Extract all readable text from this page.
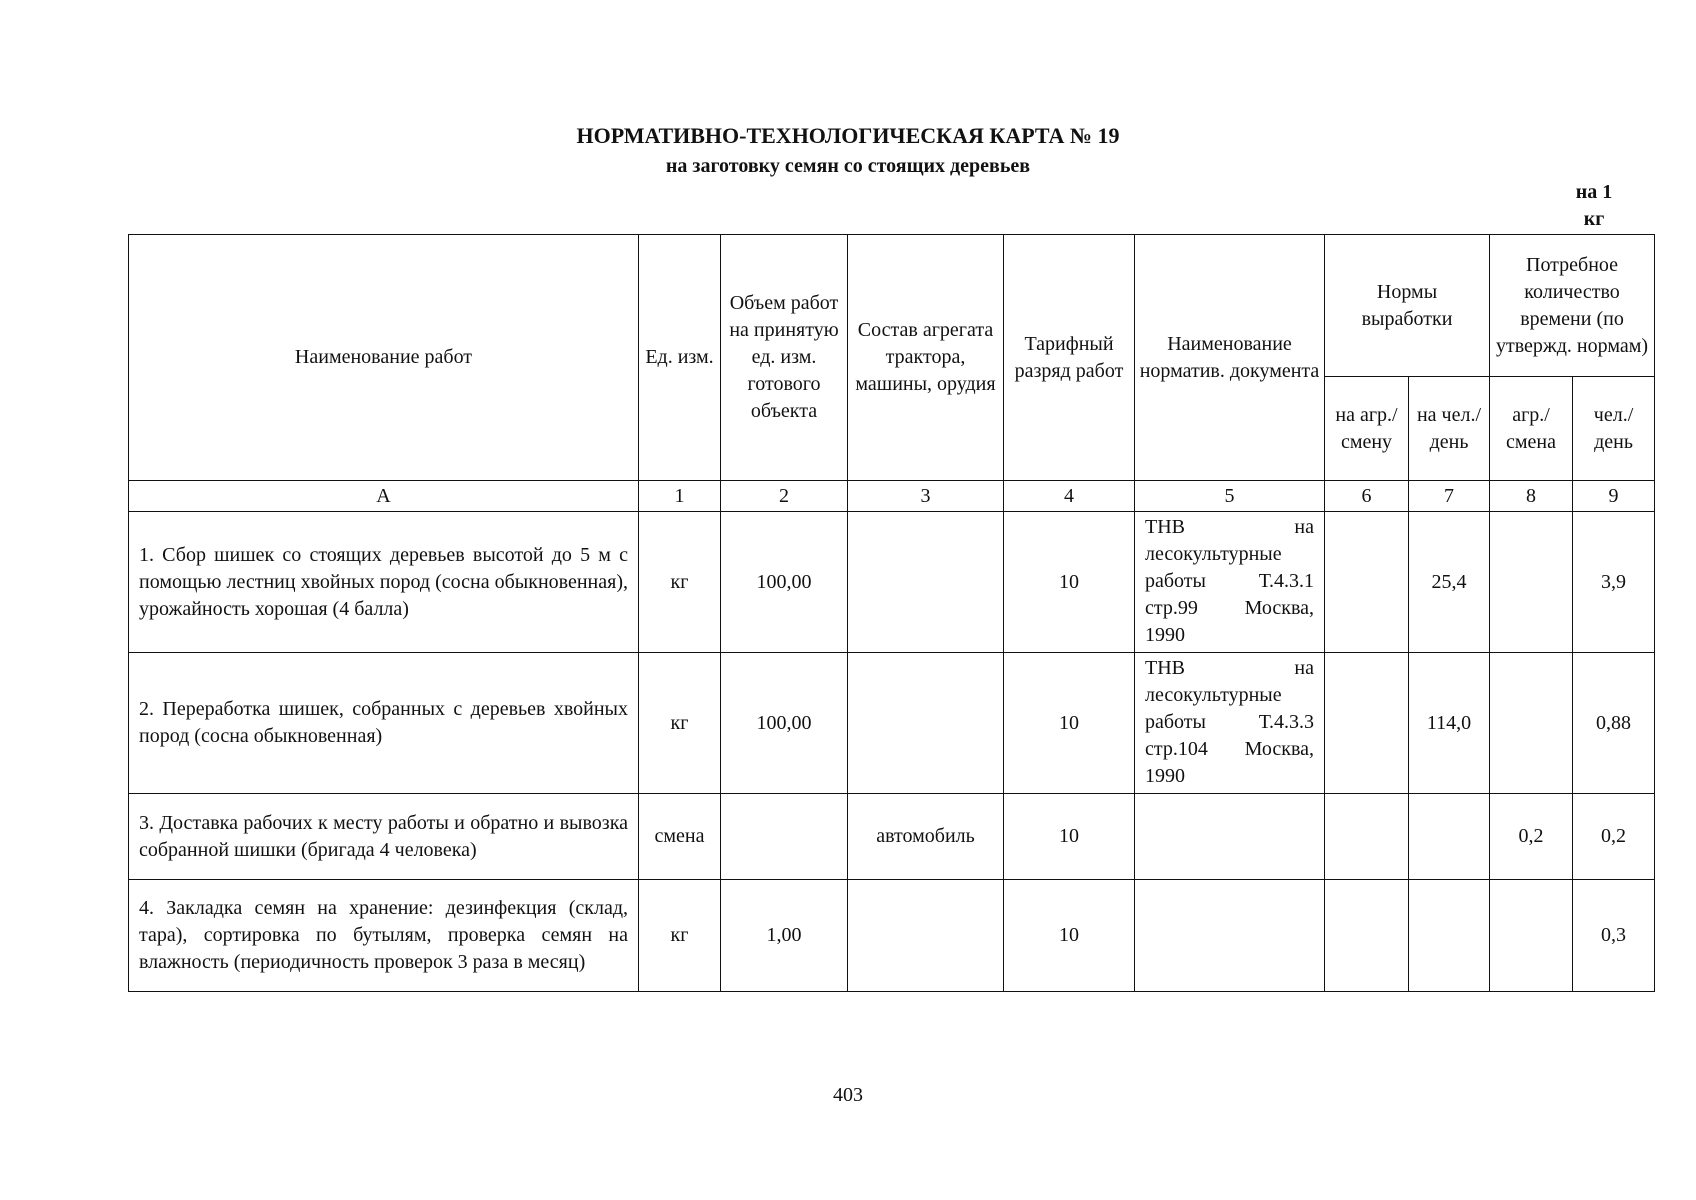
НОРМАТИВНО-ТЕХНОЛОГИЧЕСКАЯ КАРТА № 19
на заготовку семян со стоящих деревьев
на 1
кг
Наименование работ	Ед. изм.	Объем работ на принятую ед. изм. готового объекта	Состав агрегата трактора, машины, орудия	Тарифный разряд работ	Наименование норматив. документа	Нормы выработки		Потребное количество времени (по утвержд. нормам)	
						на агр./ смену	на чел./ день	агр./ смена	чел./ день
А	1	2	3	4	5	6	7	8	9
1. Сбор шишек со стоящих деревьев высотой до 5 м с помощью лестниц хвойных пород (сосна обыкновенная), урожайность хорошая (4 балла)	кг	100,00		10	ТНВ на лесокультурные работы Т.4.3.1 стр.99 Москва, 1990		25,4		3,9
2. Переработка шишек, собранных с деревьев хвойных пород (сосна обыкновенная)	кг	100,00		10	ТНВ на лесокультурные работы Т.4.3.3 стр.104 Москва, 1990		114,0		0,88
3. Доставка рабочих к месту работы и обратно и вывозка собранной шишки (бригада 4 человека)	смена		автомобиль	10				0,2	0,2
4. Закладка семян на хранение: дезинфекция (склад, тара), сортировка по бутылям, проверка семян на влажность (периодичность проверок 3 раза в месяц)	кг	1,00		10					0,3
403
